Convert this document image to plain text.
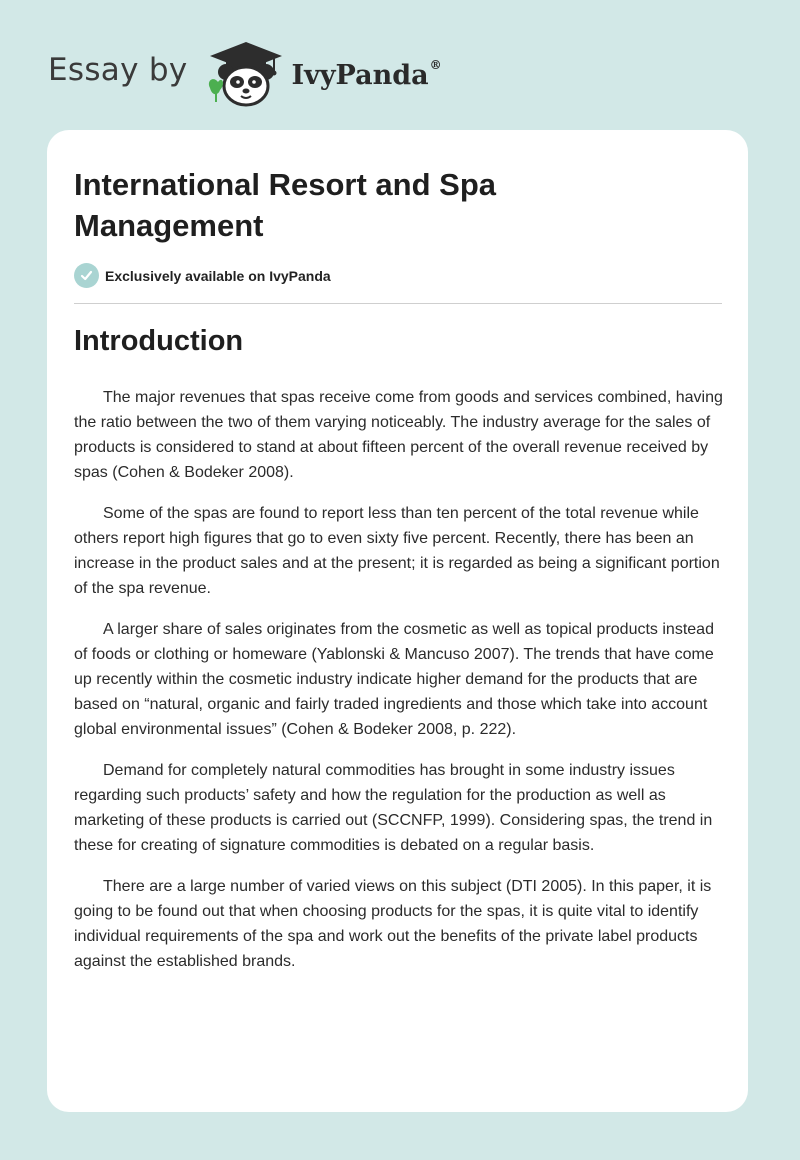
Essay by	IvyPanda®
International Resort and Spa Management
Exclusively available on IvyPanda
Introduction

The major revenues that spas receive come from goods and services combined, having the ratio between the two of them varying noticeably. The industry average for the sales of products is considered to stand at about fifteen percent of the overall revenue received by spas (Cohen & Bodeker 2008).

Some of the spas are found to report less than ten percent of the total revenue while others report high figures that go to even sixty five percent. Recently, there has been an increase in the product sales and at the present; it is regarded as being a significant portion of the spa revenue.

A larger share of sales originates from the cosmetic as well as topical products instead of foods or clothing or homeware (Yablonski & Mancuso 2007). The trends that have come up recently within the cosmetic industry indicate higher demand for the products that are based on “natural, organic and fairly traded ingredients and those which take into account global environmental issues” (Cohen & Bodeker 2008, p. 222).

Demand for completely natural commodities has brought in some industry issues regarding such products’ safety and how the regulation for the production as well as marketing of these products is carried out (SCCNFP, 1999). Considering spas, the trend in these for creating of signature commodities is debated on a regular basis.

There are a large number of varied views on this subject (DTI 2005). In this paper, it is going to be found out that when choosing products for the spas, it is quite vital to identify individual requirements of the spa and work out the benefits of the private label products against the established brands.
